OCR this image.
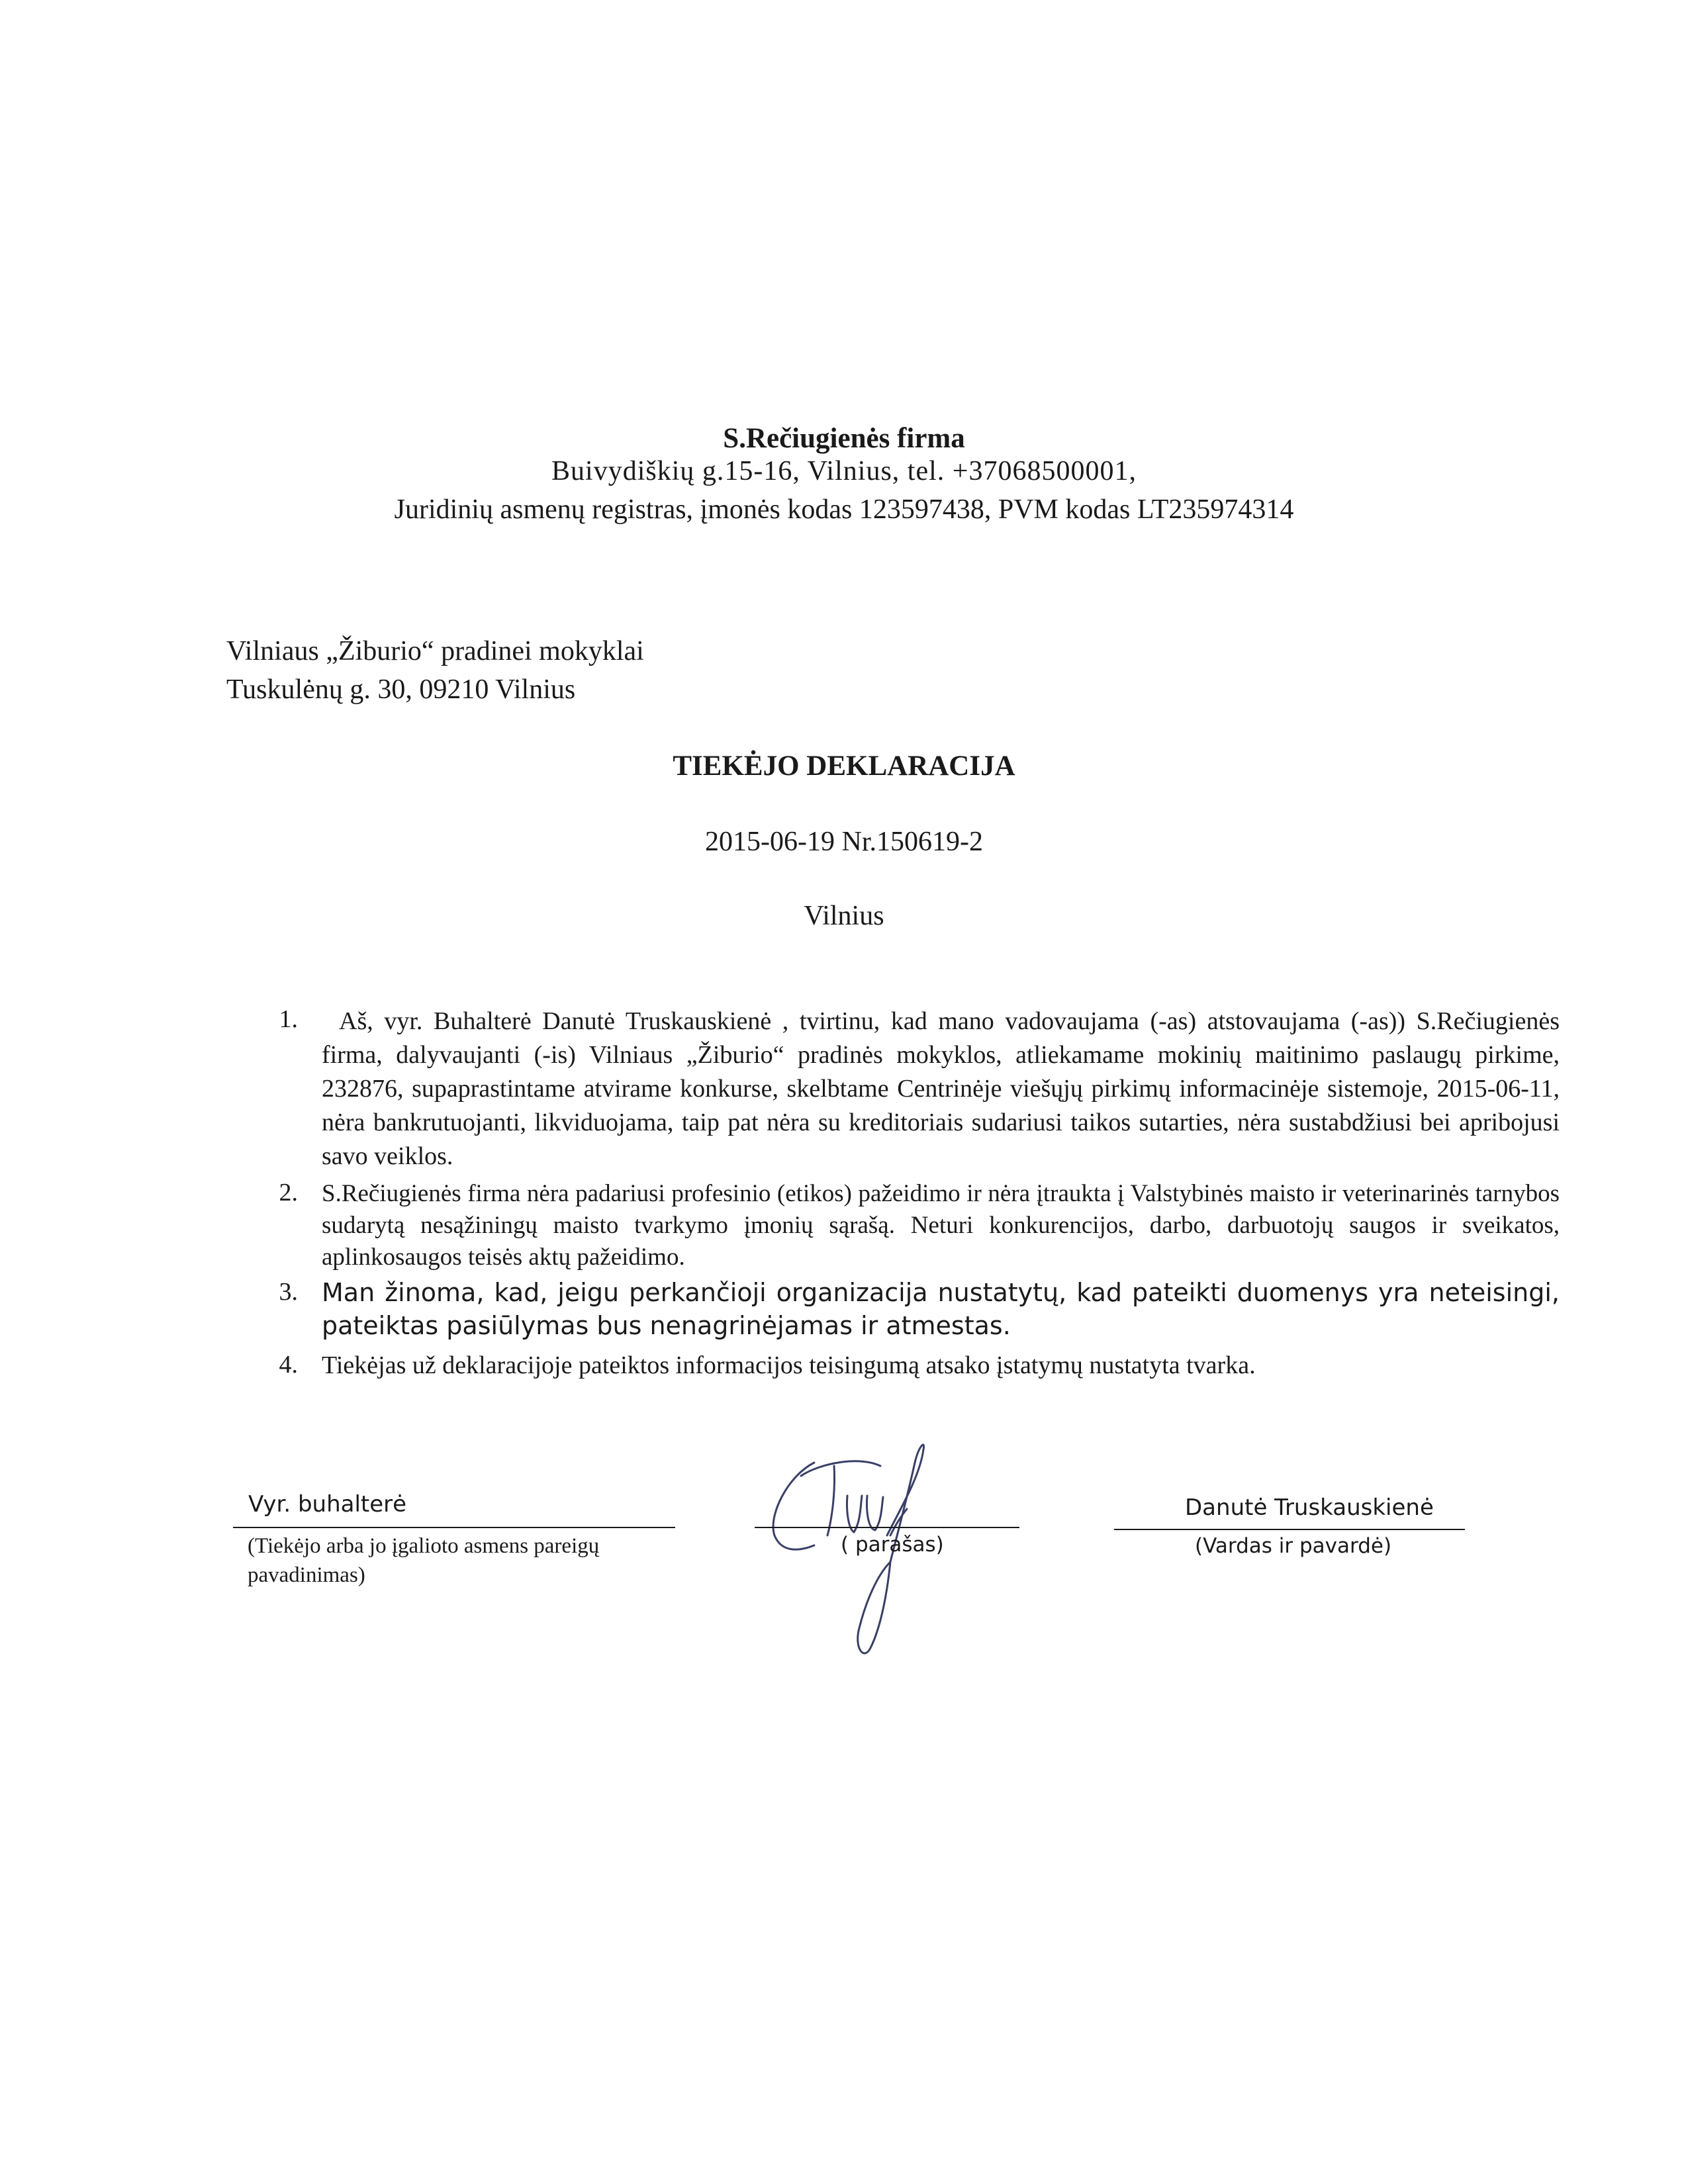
S.Rečiugienės firma
Buivydiškių g.15-16, Vilnius, tel. +37068500001,
Juridinių asmenų registras, įmonės kodas 123597438, PVM kodas LT235974314
Vilniaus „Žiburio“ pradinei mokyklai
Tuskulėnų g. 30, 09210 Vilnius
TIEKĖJO DEKLARACIJA
2015-06-19 Nr.150619-2
Vilnius
1.	Aš, vyr. Buhalterė Danutė Truskauskienė , tvirtinu, kad mano vadovaujama (-as) atstovaujama (-as)) S.Rečiugienės firma, dalyvaujanti (-is) Vilniaus „Žiburio“ pradinės mokyklos, atliekamame mokinių maitinimo paslaugų pirkime, 232876, supaprastintame atvirame konkurse, skelbtame Centrinėje viešųjų pirkimų informacinėje sistemoje, 2015-06-11, nėra bankrutuojanti, likviduojama, taip pat nėra su kreditoriais sudariusi taikos sutarties, nėra sustabdžiusi bei apribojusi savo veiklos.
2. S.Rečiugienės firma nėra padariusi profesinio (etikos) pažeidimo ir nėra įtraukta į Valstybinės maisto ir veterinarinės tarnybos sudarytą nesąžiningų maisto tvarkymo įmonių sąrašą. Neturi konkurencijos, darbo, darbuotojų saugos ir sveikatos, aplinkosaugos teisės aktų pažeidimo.
3. Man žinoma, kad, jeigu perkančioji organizacija nustatytų, kad pateikti duomenys yra neteisingi, pateiktas pasiūlymas bus nenagrinėjamas ir atmestas.
4. Tiekėjas už deklaracijoje pateiktos informacijos teisingumą atsako įstatymų nustatyta tvarka.
Vyr. buhalterė
(Tiekėjo arba jo įgalioto asmens pareigų pavadinimas)
( parašas)
Danutė Truskauskienė
(Vardas ir pavardė)
